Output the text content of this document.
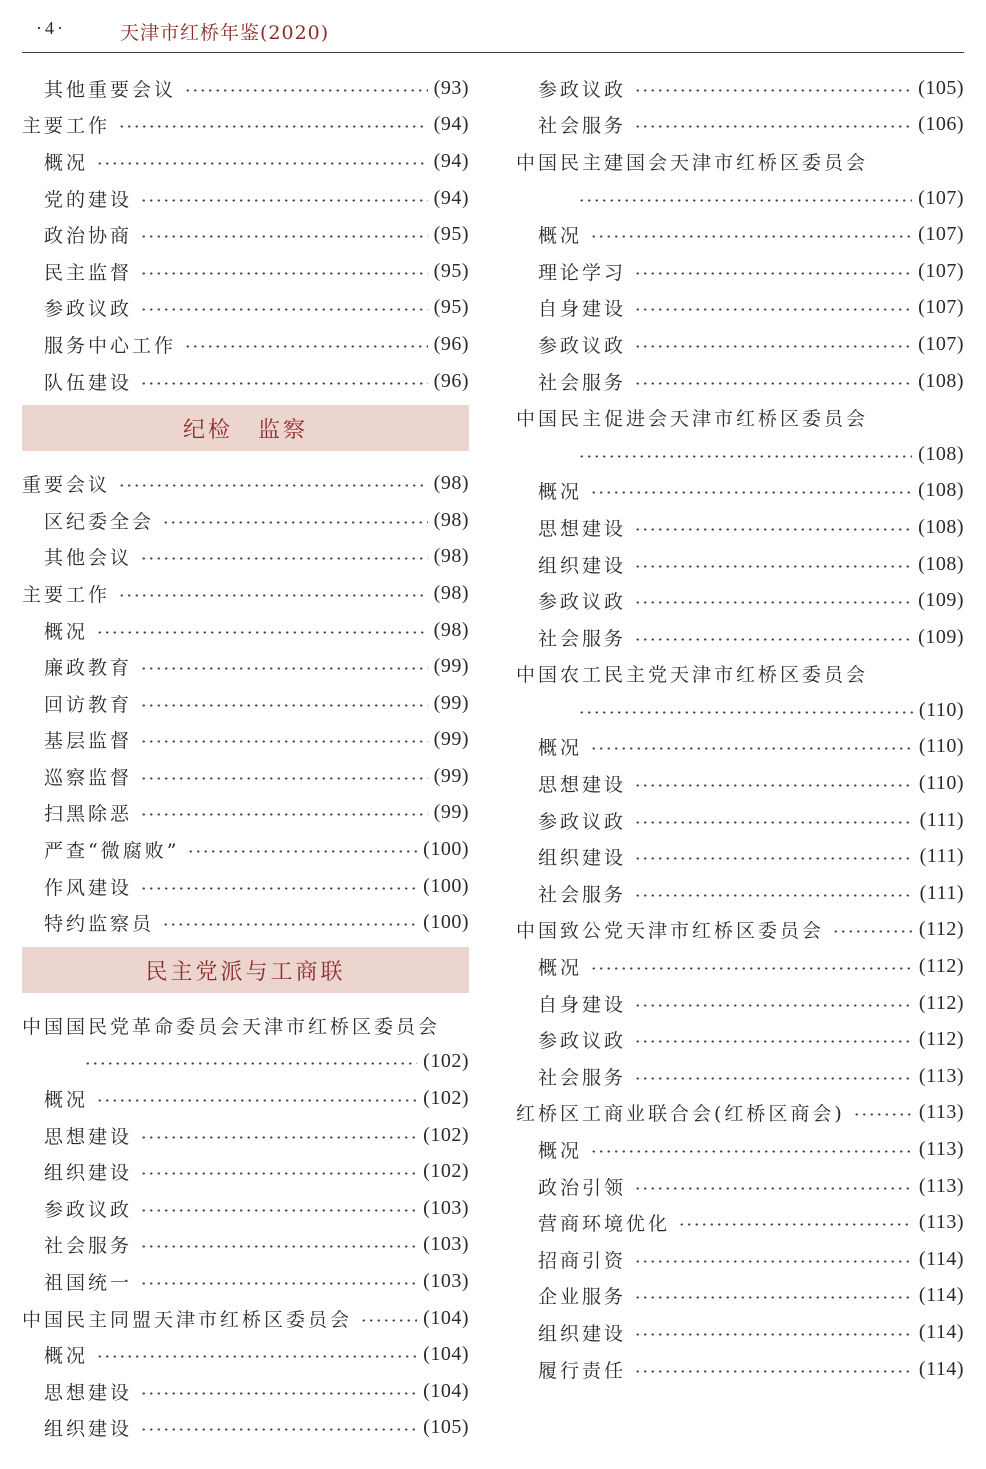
·4·	天津市红桥年鉴(2020)
其他重要会议	(93)
主要工作	(94)
概况	(94)
党的建设	(94)
政治协商	(95)
民主监督	(95)
参政议政	(95)
服务中心工作	(96)
队伍建设	(96)
纪检　监察
重要会议	(98)
区纪委全会	(98)
其他会议	(98)
主要工作	(98)
概况	(98)
廉政教育	(99)
回访教育	(99)
基层监督	(99)
巡察监督	(99)
扫黑除恶	(99)
严查“微腐败”	(100)
作风建设	(100)
特约监察员	(100)
民主党派与工商联
中国国民党革命委员会天津市红桥区委员会
(102)
概况	(102)
思想建设	(102)
组织建设	(102)
参政议政	(103)
社会服务	(103)
祖国统一	(103)
中国民主同盟天津市红桥区委员会	(104)
概况	(104)
思想建设	(104)
组织建设	(105)
参政议政	(105)
社会服务	(106)
中国民主建国会天津市红桥区委员会
(107)
概况	(107)
理论学习	(107)
自身建设	(107)
参政议政	(107)
社会服务	(108)
中国民主促进会天津市红桥区委员会
(108)
概况	(108)
思想建设	(108)
组织建设	(108)
参政议政	(109)
社会服务	(109)
中国农工民主党天津市红桥区委员会
(110)
概况	(110)
思想建设	(110)
参政议政	(111)
组织建设	(111)
社会服务	(111)
中国致公党天津市红桥区委员会	(112)
概况	(112)
自身建设	(112)
参政议政	(112)
社会服务	(113)
红桥区工商业联合会(红桥区商会)	(113)
概况	(113)
政治引领	(113)
营商环境优化	(113)
招商引资	(114)
企业服务	(114)
组织建设	(114)
履行责任	(114)
